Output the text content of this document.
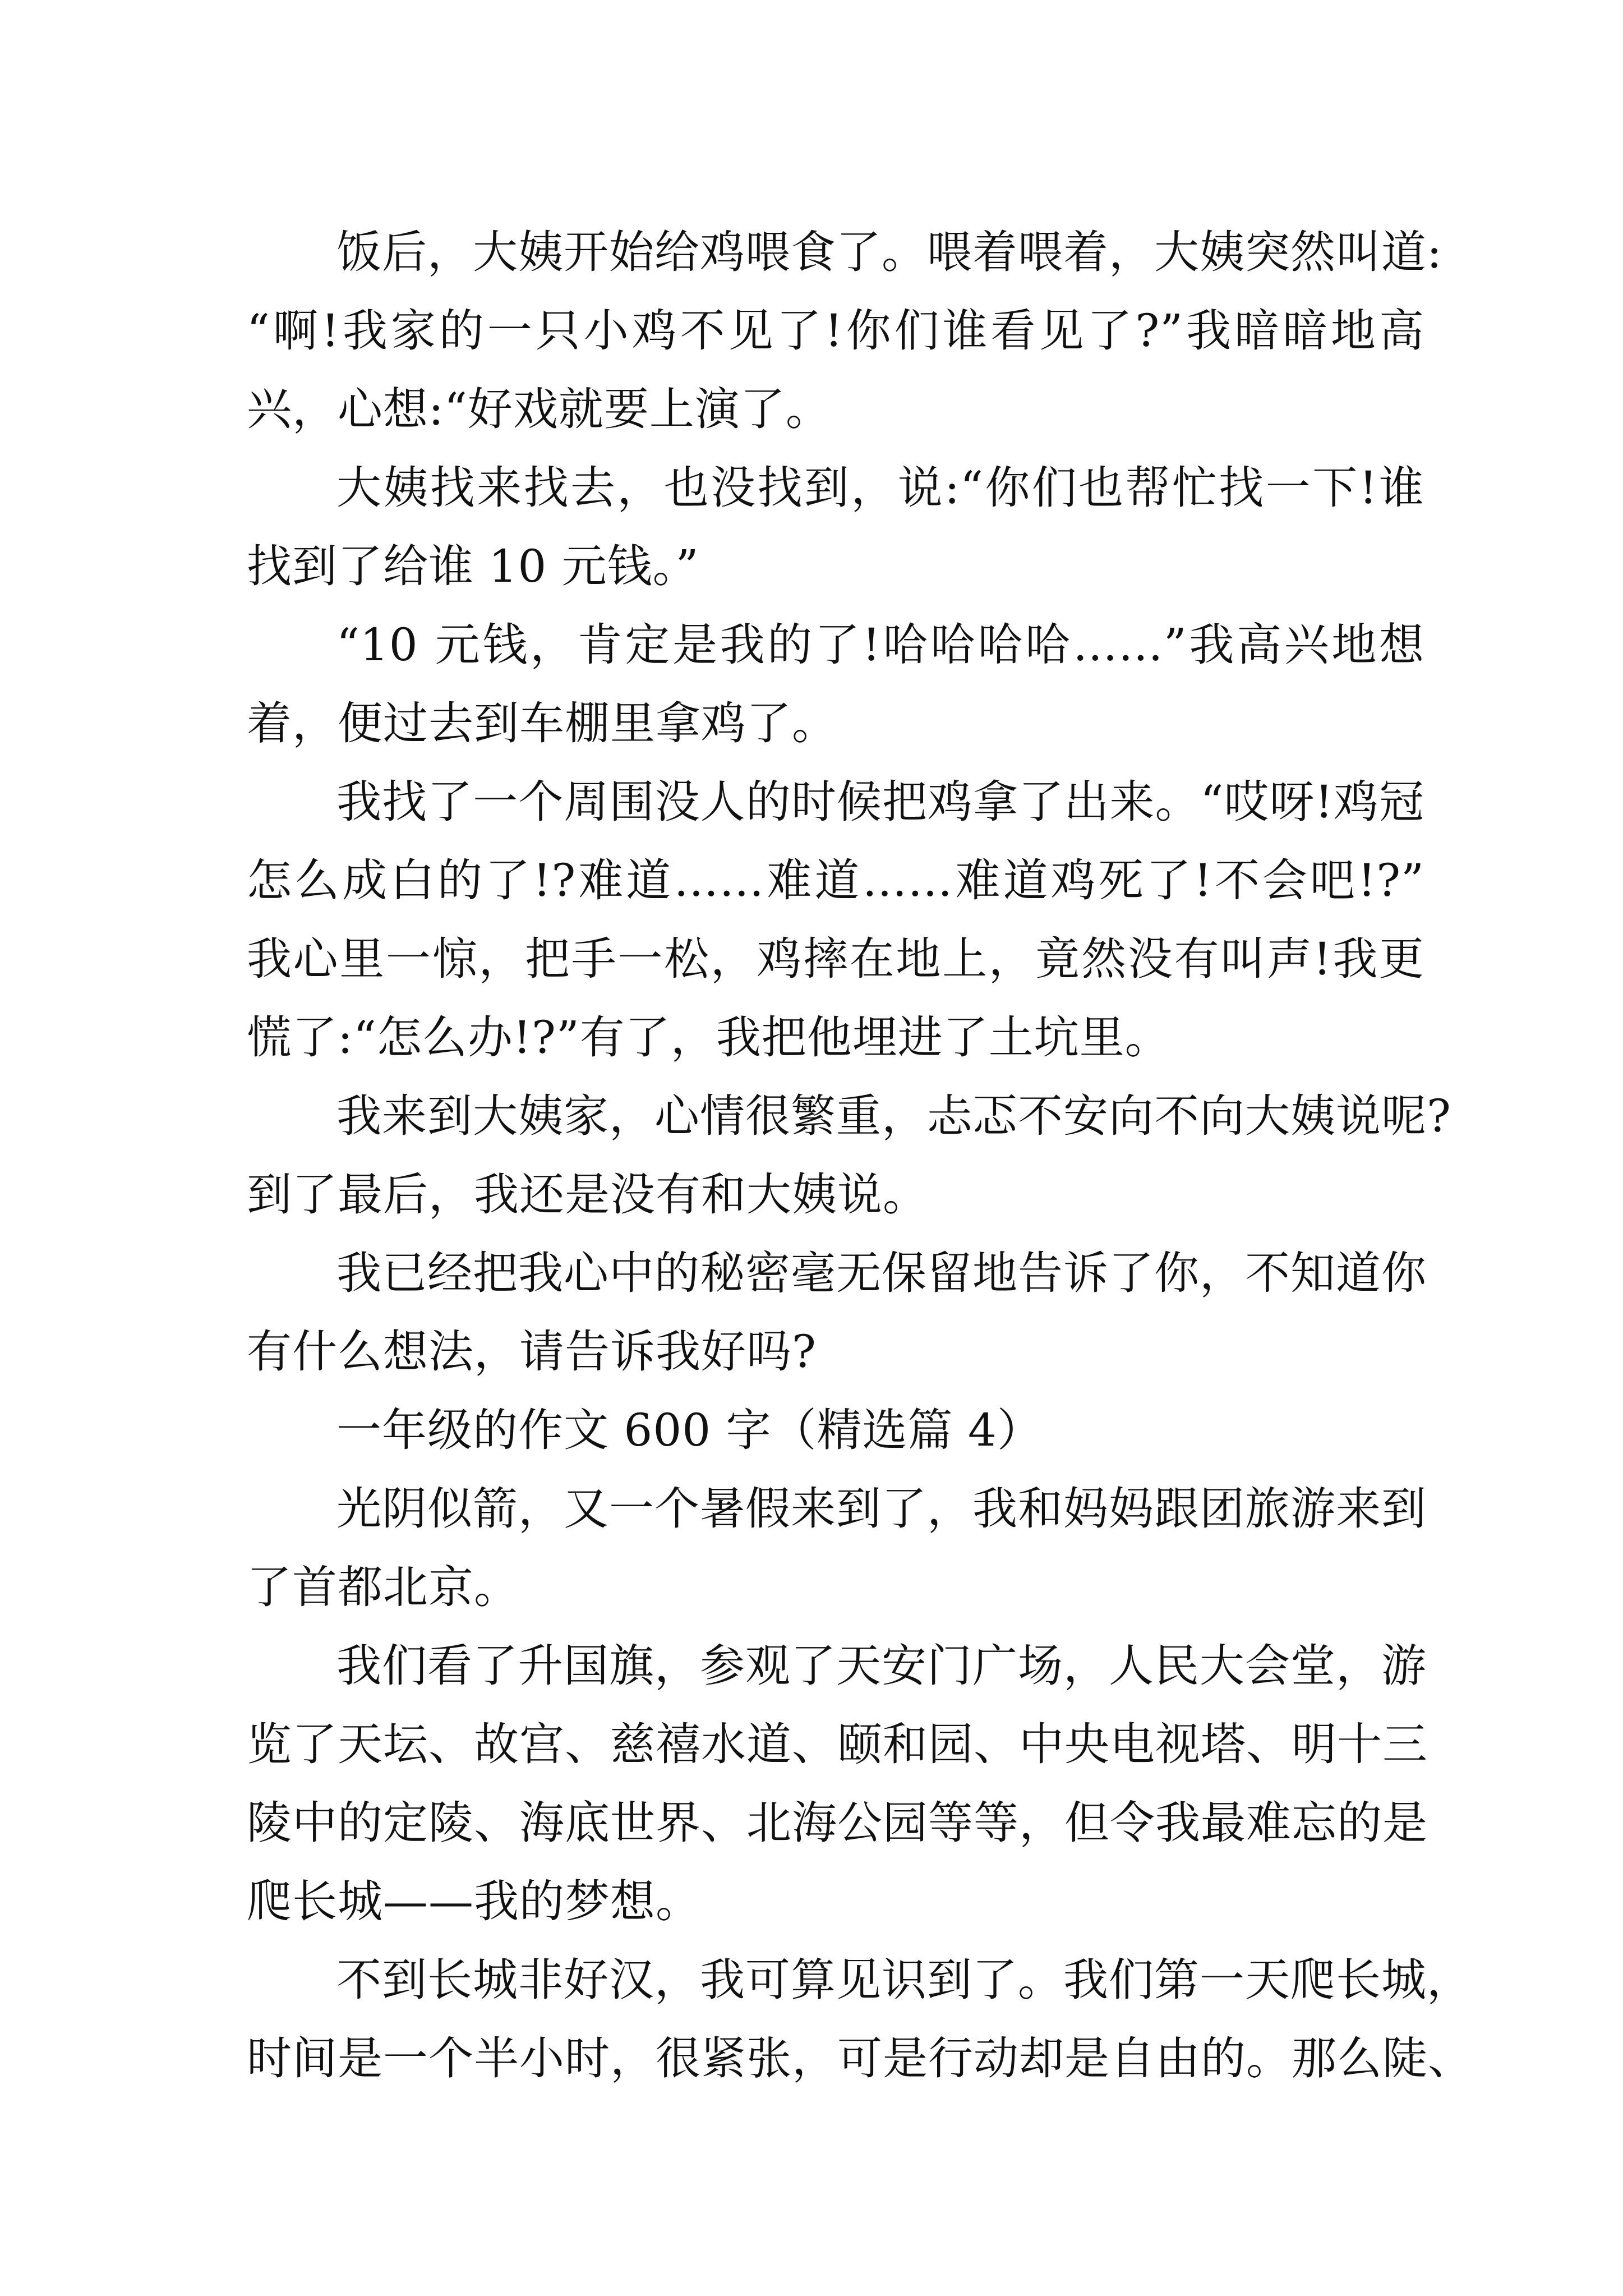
饭后，大姨开始给鸡喂食了。喂着喂着，大姨突然叫道:
“啊!我家的一只小鸡不见了!你们谁看见了?”我暗暗地高
兴，心想:“好戏就要上演了。
大姨找来找去，也没找到，说:“你们也帮忙找一下!谁
找到了给谁 10 元钱。”
“10 元钱，肯定是我的了!哈哈哈哈……”我高兴地想
着，便过去到车棚里拿鸡了。
我找了一个周围没人的时候把鸡拿了出来。“哎呀!鸡冠
怎么成白的了!?难道……难道……难道鸡死了!不会吧!?”
我心里一惊，把手一松，鸡摔在地上，竟然没有叫声!我更
慌了:“怎么办!?”有了，我把他埋进了土坑里。
我来到大姨家，心情很繁重，忐忑不安向不向大姨说呢?
到了最后，我还是没有和大姨说。
我已经把我心中的秘密毫无保留地告诉了你，不知道你
有什么想法，请告诉我好吗?
一年级的作文 600 字（精选篇 4）
光阴似箭，又一个暑假来到了，我和妈妈跟团旅游来到
了首都北京。
我们看了升国旗，参观了天安门广场，人民大会堂，游
览了天坛、故宫、慈禧水道、颐和园、中央电视塔、明十三
陵中的定陵、海底世界、北海公园等等，但令我最难忘的是
爬长城——我的梦想。
不到长城非好汉，我可算见识到了。我们第一天爬长城，
时间是一个半小时，很紧张，可是行动却是自由的。那么陡、
